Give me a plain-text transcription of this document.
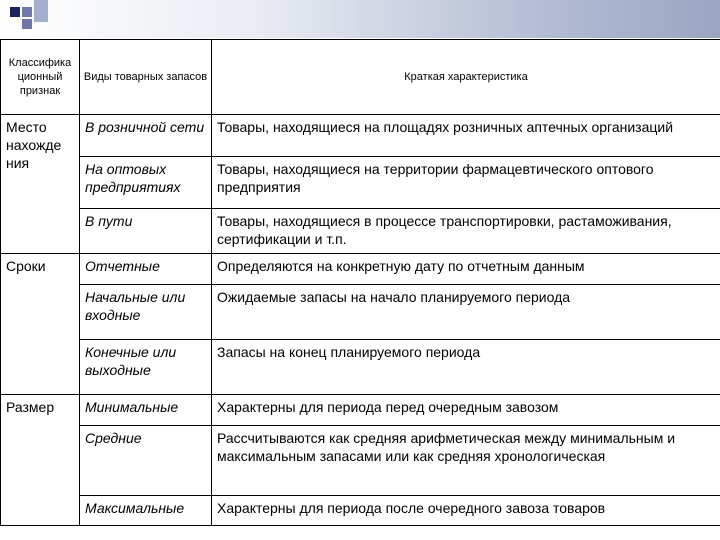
Классифика ционный признак	Виды товарных запасов	Краткая характеристика
Место нахожде ния	В розничной сети	Товары, находящиеся на площадях розничных аптечных организаций
	На оптовых предприятиях	Товары, находящиеся на территории фармацевтического оптового предприятия
	В пути	Товары, находящиеся в процессе транспортировки, растаможивания, сертификации и т.п.
Сроки	Отчетные	Определяются на конкретную дату по отчетным данным
	Начальные или входные	Ожидаемые запасы на начало планируемого периода
	Конечные или выходные	Запасы на конец планируемого периода
Размер	Минимальные	Характерны для периода перед очередным завозом
	Средние	Рассчитываются как средняя арифметическая между минимальным и максимальным запасами или как средняя хронологическая
	Максимальные	Характерны для периода после очередного завоза товаров
